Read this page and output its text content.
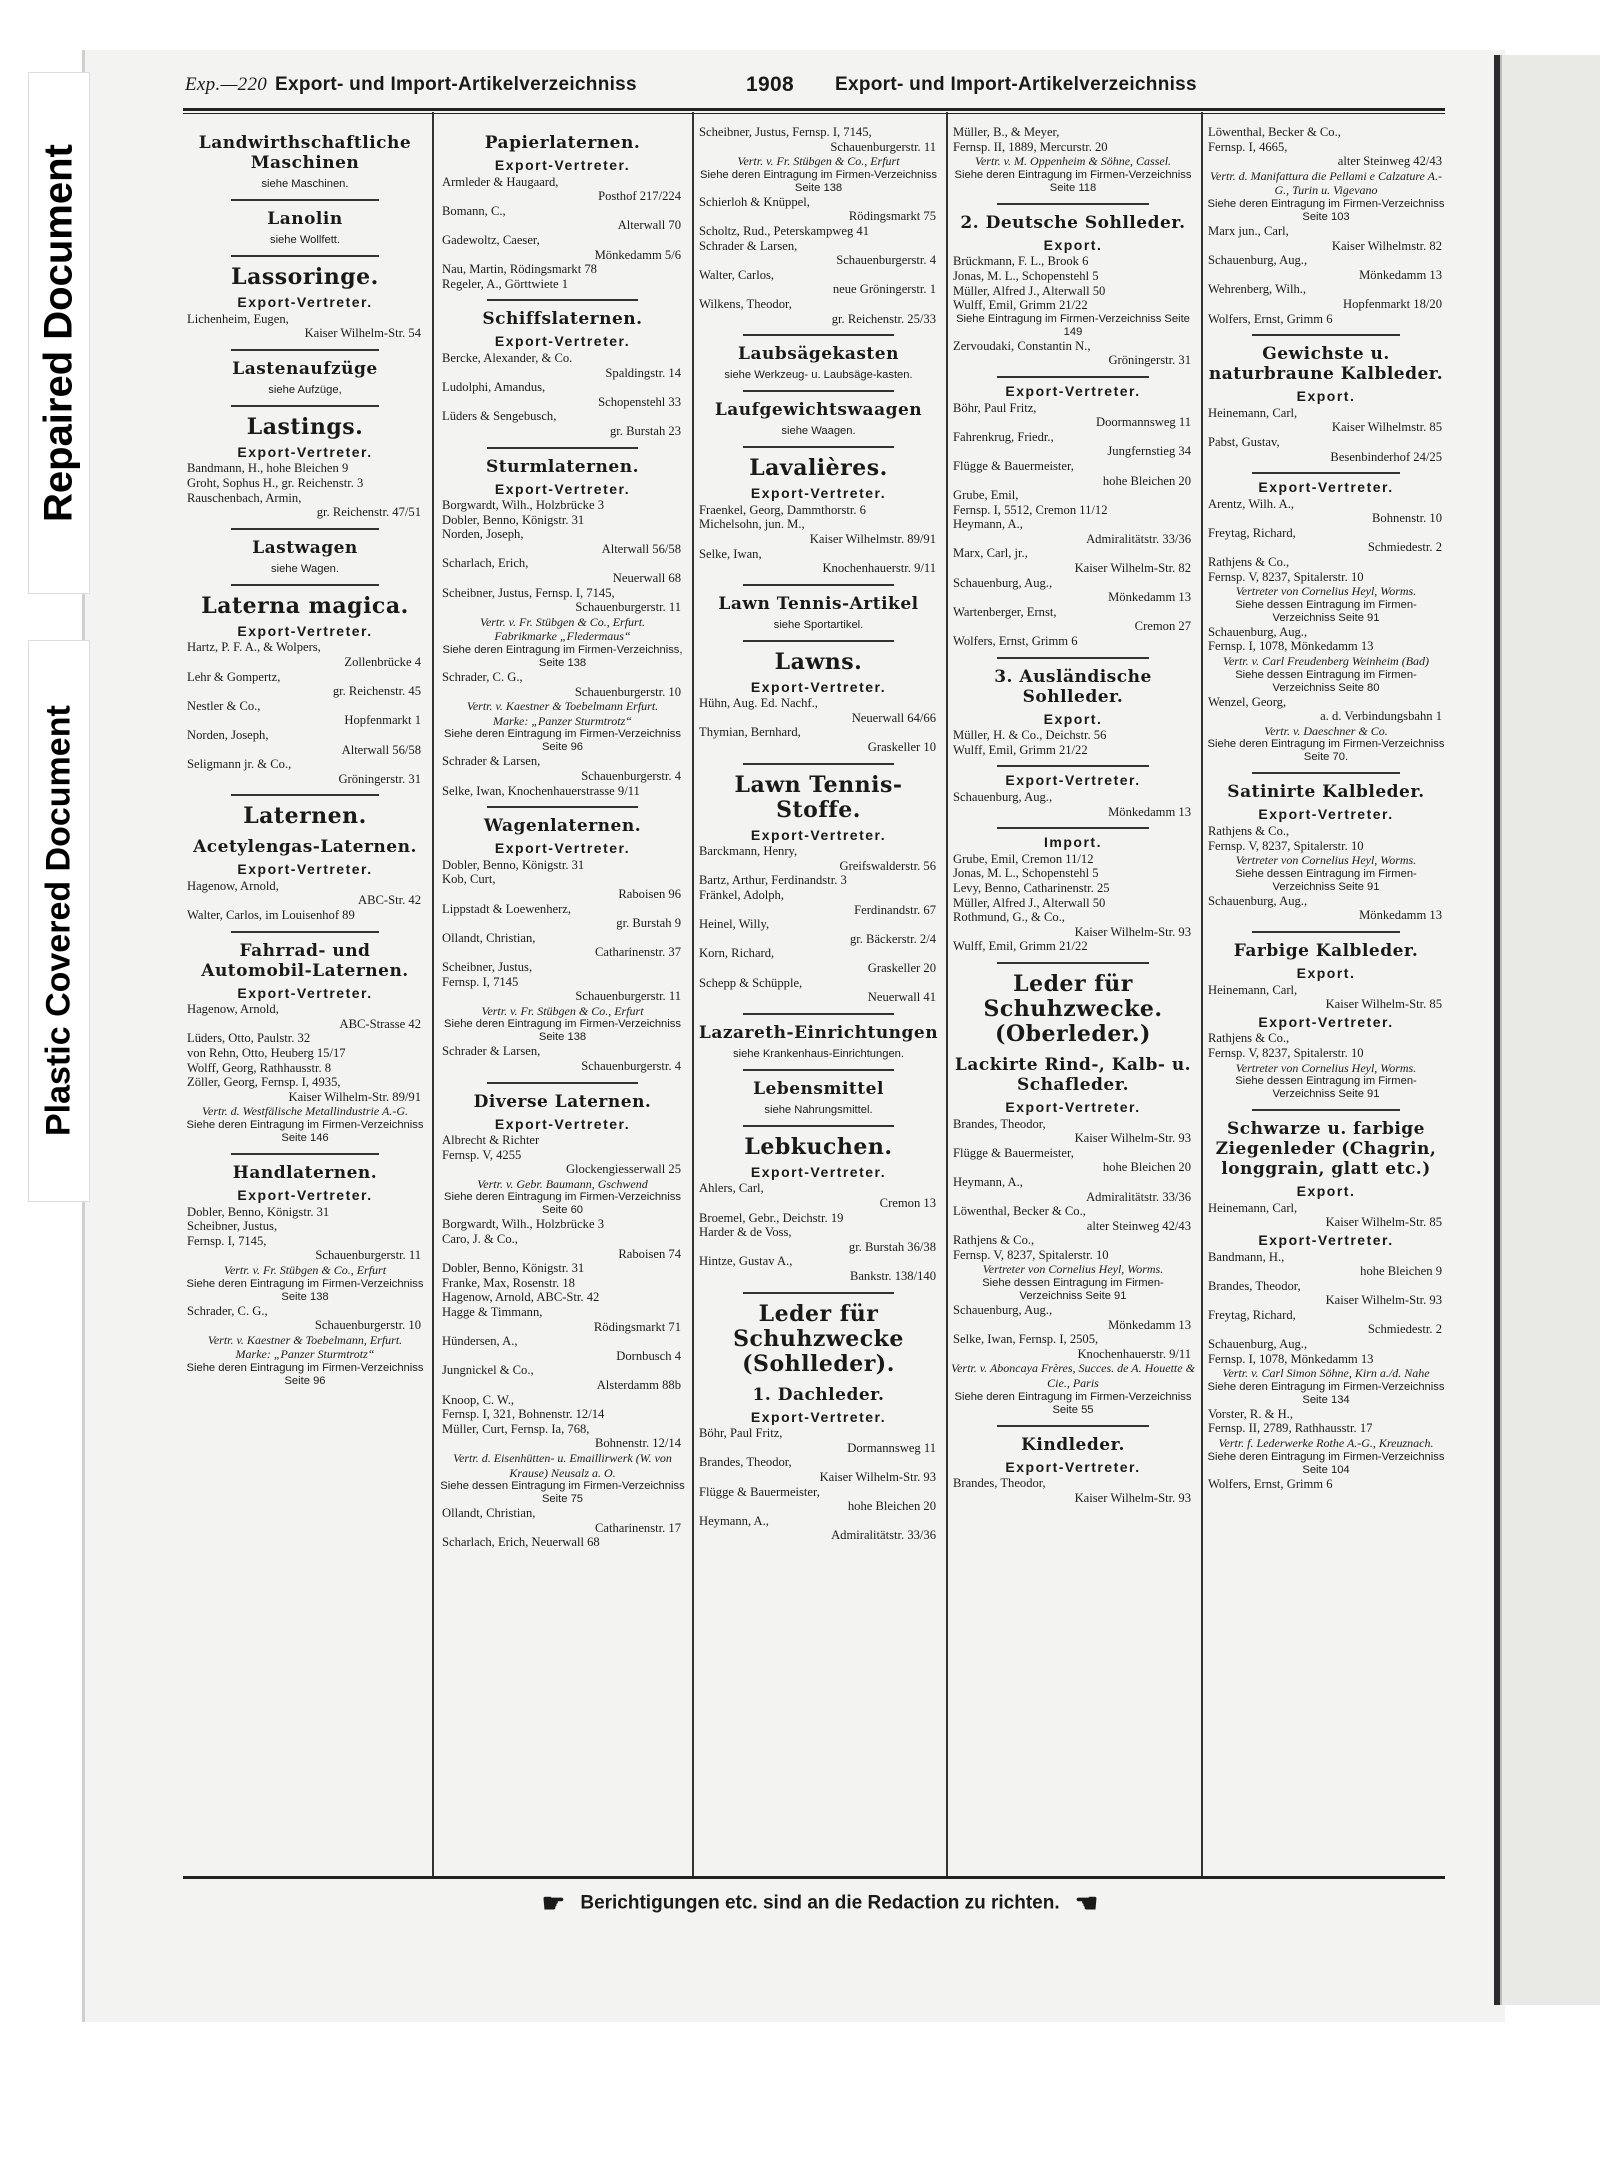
Repaired Document
Plastic Covered Document
Exp.—220 Export- und Import-Artikelverzeichniss	1908	Export- und Import-Artikelverzeichniss
Landwirthschaftliche Maschinen
siehe Maschinen.
Lanolin
siehe Wollfett.
Lassoringe.
Export-Vertreter.
Lichenheim, Eugen,
Kaiser Wilhelm-Str. 54
Lastenaufzüge
siehe Aufzüge,
Lastings.
Export-Vertreter.
Bandmann, H., hohe Bleichen 9
Groht, Sophus H., gr. Reichenstr. 3
Rauschenbach, Armin,
gr. Reichenstr. 47/51
Lastwagen
siehe Wagen.
Laterna magica.
Export-Vertreter.
Hartz, P. F. A., & Wolpers,
Zollenbrücke 4
Lehr & Gompertz,
gr. Reichenstr. 45
Nestler & Co.,
Hopfenmarkt 1
Norden, Joseph,
Alterwall 56/58
Seligmann jr. & Co.,
Gröningerstr. 31
Laternen.
Acetylengas-Laternen.
Export-Vertreter.
Hagenow, Arnold,
ABC-Str. 42
Walter, Carlos, im Louisenhof 89
Fahrrad- und Automobil-Laternen.
Export-Vertreter.
Hagenow, Arnold,
ABC-Strasse 42
Lüders, Otto, Paulstr. 32
von Rehn, Otto, Heuberg 15/17
Wolff, Georg, Rathhausstr. 8
Zöller, Georg, Fernsp. I, 4935,
Kaiser Wilhelm-Str. 89/91
Vertr. d. Westfälische Metallindustrie A.-G.
Siehe deren Eintragung im Firmen-Verzeichniss Seite 146
Handlaternen.
Export-Vertreter.
Dobler, Benno, Königstr. 31
Scheibner, Justus,
Fernsp. I, 7145,
Schauenburgerstr. 11
Vertr. v. Fr. Stübgen & Co., Erfurt
Siehe deren Eintragung im Firmen-Verzeichniss Seite 138
Schrader, C. G.,
Schauenburgerstr. 10
Vertr. v. Kaestner & Toebelmann, Erfurt.
Marke: „Panzer Sturmtrotz“
Siehe deren Eintragung im Firmen-Verzeichniss Seite 96
Papierlaternen.
Export-Vertreter.
Armleder & Haugaard,
Posthof 217/224
Bomann, C.,
Alterwall 70
Gadewoltz, Caeser,
Mönkedamm 5/6
Nau, Martin, Rödingsmarkt 78
Regeler, A., Görttwiete 1
Schiffslaternen.
Export-Vertreter.
Bercke, Alexander, & Co.
Spaldingstr. 14
Ludolphi, Amandus,
Schopenstehl 33
Lüders & Sengebusch,
gr. Burstah 23
Sturmlaternen.
Export-Vertreter.
Borgwardt, Wilh., Holzbrücke 3
Dobler, Benno, Königstr. 31
Norden, Joseph,
Alterwall 56/58
Scharlach, Erich,
Neuerwall 68
Scheibner, Justus, Fernsp. I, 7145,
Schauenburgerstr. 11
Vertr. v. Fr. Stübgen & Co., Erfurt.
Fabrikmarke „Fledermaus“
Siehe deren Eintragung im Firmen-Verzeichniss, Seite 138
Schrader, C. G.,
Schauenburgerstr. 10
Vertr. v. Kaestner & Toebelmann Erfurt.
Marke: „Panzer Sturmtrotz“
Siehe deren Eintragung im Firmen-Verzeichniss Seite 96
Schrader & Larsen,
Schauenburgerstr. 4
Selke, Iwan, Knochenhauerstrasse 9/11
Wagenlaternen.
Export-Vertreter.
Dobler, Benno, Königstr. 31
Kob, Curt,
Raboisen 96
Lippstadt & Loewenherz,
gr. Burstah 9
Ollandt, Christian,
Catharinenstr. 37
Scheibner, Justus,
Fernsp. I, 7145
Schauenburgerstr. 11
Vertr. v. Fr. Stübgen & Co., Erfurt
Siehe deren Eintragung im Firmen-Verzeichniss Seite 138
Schrader & Larsen,
Schauenburgerstr. 4
Diverse Laternen.
Export-Vertreter.
Albrecht & Richter
Fernsp. V, 4255
Glockengiesserwall 25
Vertr. v. Gebr. Baumann, Gschwend
Siehe deren Eintragung im Firmen-Verzeichniss Seite 60
Borgwardt, Wilh., Holzbrücke 3
Caro, J. & Co.,
Raboisen 74
Dobler, Benno, Königstr. 31
Franke, Max, Rosenstr. 18
Hagenow, Arnold, ABC-Str. 42
Hagge & Timmann,
Rödingsmarkt 71
Hündersen, A.,
Dornbusch 4
Jungnickel & Co.,
Alsterdamm 88b
Knoop, C. W.,
Fernsp. I, 321, Bohnenstr. 12/14
Müller, Curt, Fernsp. Ia, 768,
Bohnenstr. 12/14
Vertr. d. Eisenhütten- u. Emaillirwerk (W. von Krause) Neusalz a. O.
Siehe dessen Eintragung im Firmen-Verzeichniss Seite 75
Ollandt, Christian,
Catharinenstr. 17
Scharlach, Erich, Neuerwall 68
Scheibner, Justus, Fernsp. I, 7145,
Schauenburgerstr. 11
Vertr. v. Fr. Stübgen & Co., Erfurt
Siehe deren Eintragung im Firmen-Verzeichniss Seite 138
Schierloh & Knüppel,
Rödingsmarkt 75
Scholtz, Rud., Peterskampweg 41
Schrader & Larsen,
Schauenburgerstr. 4
Walter, Carlos,
neue Gröningerstr. 1
Wilkens, Theodor,
gr. Reichenstr. 25/33
Laubsägekasten
siehe Werkzeug- u. Laubsäge-kasten.
Laufgewichtswaagen
siehe Waagen.
Lavalières.
Export-Vertreter.
Fraenkel, Georg, Dammthorstr. 6
Michelsohn, jun. M.,
Kaiser Wilhelmstr. 89/91
Selke, Iwan,
Knochenhauerstr. 9/11
Lawn Tennis-Artikel
siehe Sportartikel.
Lawns.
Export-Vertreter.
Hühn, Aug. Ed. Nachf.,
Neuerwall 64/66
Thymian, Bernhard,
Graskeller 10
Lawn Tennis-Stoffe.
Export-Vertreter.
Barckmann, Henry,
Greifswalderstr. 56
Bartz, Arthur, Ferdinandstr. 3
Fränkel, Adolph,
Ferdinandstr. 67
Heinel, Willy,
gr. Bäckerstr. 2/4
Korn, Richard,
Graskeller 20
Schepp & Schüpple,
Neuerwall 41
Lazareth-Einrichtungen
siehe Krankenhaus-Einrichtungen.
Lebensmittel
siehe Nahrungsmittel.
Lebkuchen.
Export-Vertreter.
Ahlers, Carl,
Cremon 13
Broemel, Gebr., Deichstr. 19
Harder & de Voss,
gr. Burstah 36/38
Hintze, Gustav A.,
Bankstr. 138/140
Leder für Schuhzwecke (Sohlleder).
1. Dachleder.
Export-Vertreter.
Böhr, Paul Fritz,
Dormannsweg 11
Brandes, Theodor,
Kaiser Wilhelm-Str. 93
Flügge & Bauermeister,
hohe Bleichen 20
Heymann, A.,
Admiralitätstr. 33/36
Müller, B., & Meyer,
Fernsp. II, 1889, Mercurstr. 20
Vertr. v. M. Oppenheim & Söhne, Cassel.
Siehe deren Eintragung im Firmen-Verzeichniss Seite 118
2. Deutsche Sohlleder.
Export.
Brückmann, F. L., Brook 6
Jonas, M. L., Schopenstehl 5
Müller, Alfred J., Alterwall 50
Wulff, Emil, Grimm 21/22
Siehe Eintragung im Firmen-Verzeichniss Seite 149
Zervoudaki, Constantin N.,
Gröningerstr. 31
Export-Vertreter.
Böhr, Paul Fritz,
Doormannsweg 11
Fahrenkrug, Friedr.,
Jungfernstieg 34
Flügge & Bauermeister,
hohe Bleichen 20
Grube, Emil,
Fernsp. I, 5512, Cremon 11/12
Heymann, A.,
Admiralitätstr. 33/36
Marx, Carl, jr.,
Kaiser Wilhelm-Str. 82
Schauenburg, Aug.,
Mönkedamm 13
Wartenberger, Ernst,
Cremon 27
Wolfers, Ernst, Grimm 6
3. Ausländische Sohlleder.
Export.
Müller, H. & Co., Deichstr. 56
Wulff, Emil, Grimm 21/22
Export-Vertreter.
Schauenburg, Aug.,
Mönkedamm 13
Import.
Grube, Emil, Cremon 11/12
Jonas, M. L., Schopenstehl 5
Levy, Benno, Catharinenstr. 25
Müller, Alfred J., Alterwall 50
Rothmund, G., & Co.,
Kaiser Wilhelm-Str. 93
Wulff, Emil, Grimm 21/22
Leder für Schuhzwecke. (Oberleder.)
Lackirte Rind-, Kalb- u. Schafleder.
Export-Vertreter.
Brandes, Theodor,
Kaiser Wilhelm-Str. 93
Flügge & Bauermeister,
hohe Bleichen 20
Heymann, A.,
Admiralitätstr. 33/36
Löwenthal, Becker & Co.,
alter Steinweg 42/43
Rathjens & Co.,
Fernsp. V, 8237, Spitalerstr. 10
Vertreter von Cornelius Heyl, Worms.
Siehe dessen Eintragung im Firmen-Verzeichniss Seite 91
Schauenburg, Aug.,
Mönkedamm 13
Selke, Iwan, Fernsp. I, 2505,
Knochenhauerstr. 9/11
Vertr. v. Aboncaya Frères, Succes. de A. Houette & Cie., Paris
Siehe deren Eintragung im Firmen-Verzeichniss Seite 55
Kindleder.
Export-Vertreter.
Brandes, Theodor,
Kaiser Wilhelm-Str. 93
Löwenthal, Becker & Co.,
Fernsp. I, 4665,
alter Steinweg 42/43
Vertr. d. Manifattura die Pellami e Calzature A.-G., Turin u. Vigevano
Siehe deren Eintragung im Firmen-Verzeichniss Seite 103
Marx jun., Carl,
Kaiser Wilhelmstr. 82
Schauenburg, Aug.,
Mönkedamm 13
Wehrenberg, Wilh.,
Hopfenmarkt 18/20
Wolfers, Ernst, Grimm 6
Gewichste u. naturbraune Kalbleder.
Export.
Heinemann, Carl,
Kaiser Wilhelmstr. 85
Pabst, Gustav,
Besenbinderhof 24/25
Export-Vertreter.
Arentz, Wilh. A.,
Bohnenstr. 10
Freytag, Richard,
Schmiedestr. 2
Rathjens & Co.,
Fernsp. V, 8237, Spitalerstr. 10
Vertreter von Cornelius Heyl, Worms.
Siehe dessen Eintragung im Firmen-Verzeichniss Seite 91
Schauenburg, Aug.,
Fernsp. I, 1078, Mönkedamm 13
Vertr. v. Carl Freudenberg Weinheim (Bad)
Siehe dessen Eintragung im Firmen-Verzeichniss Seite 80
Wenzel, Georg,
a. d. Verbindungsbahn 1
Vertr. v. Daeschner & Co.
Siehe deren Eintragung im Firmen-Verzeichniss Seite 70.
Satinirte Kalbleder.
Export-Vertreter.
Rathjens & Co.,
Fernsp. V, 8237, Spitalerstr. 10
Vertreter von Cornelius Heyl, Worms.
Siehe dessen Eintragung im Firmen-Verzeichniss Seite 91
Schauenburg, Aug.,
Mönkedamm 13
Farbige Kalbleder.
Export.
Heinemann, Carl,
Kaiser Wilhelm-Str. 85
Export-Vertreter.
Rathjens & Co.,
Fernsp. V, 8237, Spitalerstr. 10
Vertreter von Cornelius Heyl, Worms.
Siehe dessen Eintragung im Firmen-Verzeichniss Seite 91
Schwarze u. farbige Ziegenleder (Chagrin, longgrain, glatt etc.)
Export.
Heinemann, Carl,
Kaiser Wilhelm-Str. 85
Export-Vertreter.
Bandmann, H.,
hohe Bleichen 9
Brandes, Theodor,
Kaiser Wilhelm-Str. 93
Freytag, Richard,
Schmiedestr. 2
Schauenburg, Aug.,
Fernsp. I, 1078, Mönkedamm 13
Vertr. v. Carl Simon Söhne, Kirn a./d. Nahe
Siehe deren Eintragung im Firmen-Verzeichniss Seite 134
Vorster, R. & H.,
Fernsp. II, 2789, Rathhausstr. 17
Vertr. f. Lederwerke Rothe A.-G., Kreuznach.
Siehe deren Eintragung im Firmen-Verzeichniss Seite 104
Wolfers, Ernst, Grimm 6
☛ Berichtigungen etc. sind an die Redaction zu richten. ☚
